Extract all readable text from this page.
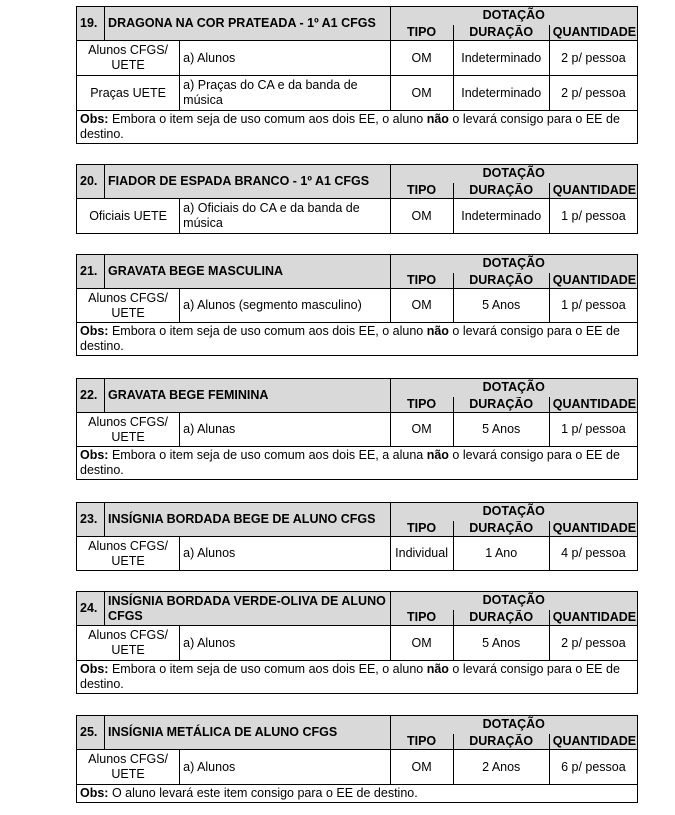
19.	DRAGONA NA COR PRATEADA - 1º A1 CFGS		DOTAÇÃO		
			TIPO	DURAÇÃO	QUANTIDADE
Alunos CFGS/ UETE		a) Alunos	OM	Indeterminado	2 p/ pessoa
Praças UETE		a) Praças do CA e da banda de música	OM	Indeterminado	2 p/ pessoa
Obs: Embora o item seja de uso comum aos dois EE, o aluno não o levará consigo para o EE de destino.					
20.	FIADOR DE ESPADA BRANCO - 1º A1 CFGS		DOTAÇÃO		
			TIPO	DURAÇÃO	QUANTIDADE
Oficiais UETE		a) Oficiais do CA e da banda de música	OM	Indeterminado	1 p/ pessoa
21.	GRAVATA BEGE MASCULINA		DOTAÇÃO		
			TIPO	DURAÇÃO	QUANTIDADE
Alunos CFGS/ UETE		a) Alunos (segmento masculino)	OM	5 Anos	1 p/ pessoa
Obs: Embora o item seja de uso comum aos dois EE, o aluno não o levará consigo para o EE de destino.					
22.	GRAVATA BEGE FEMININA		DOTAÇÃO		
			TIPO	DURAÇÃO	QUANTIDADE
Alunos CFGS/ UETE		a) Alunas	OM	5 Anos	1 p/ pessoa
Obs: Embora o item seja de uso comum aos dois EE, a aluna não o levará consigo para o EE de destino.					
23.	INSÍGNIA BORDADA BEGE DE ALUNO CFGS		DOTAÇÃO		
			TIPO	DURAÇÃO	QUANTIDADE
Alunos CFGS/ UETE		a) Alunos	Individual	1 Ano	4 p/ pessoa
24.	INSÍGNIA BORDADA VERDE-OLIVA DE ALUNO CFGS		DOTAÇÃO		
			TIPO	DURAÇÃO	QUANTIDADE
Alunos CFGS/ UETE		a) Alunos	OM	5 Anos	2 p/ pessoa
Obs: Embora o item seja de uso comum aos dois EE, o aluno não o levará consigo para o EE de destino.					
25.	INSÍGNIA METÁLICA DE ALUNO CFGS		DOTAÇÃO		
			TIPO	DURAÇÃO	QUANTIDADE
Alunos CFGS/ UETE		a) Alunos	OM	2 Anos	6 p/ pessoa
Obs: O aluno levará este item consigo para o EE de destino.					
